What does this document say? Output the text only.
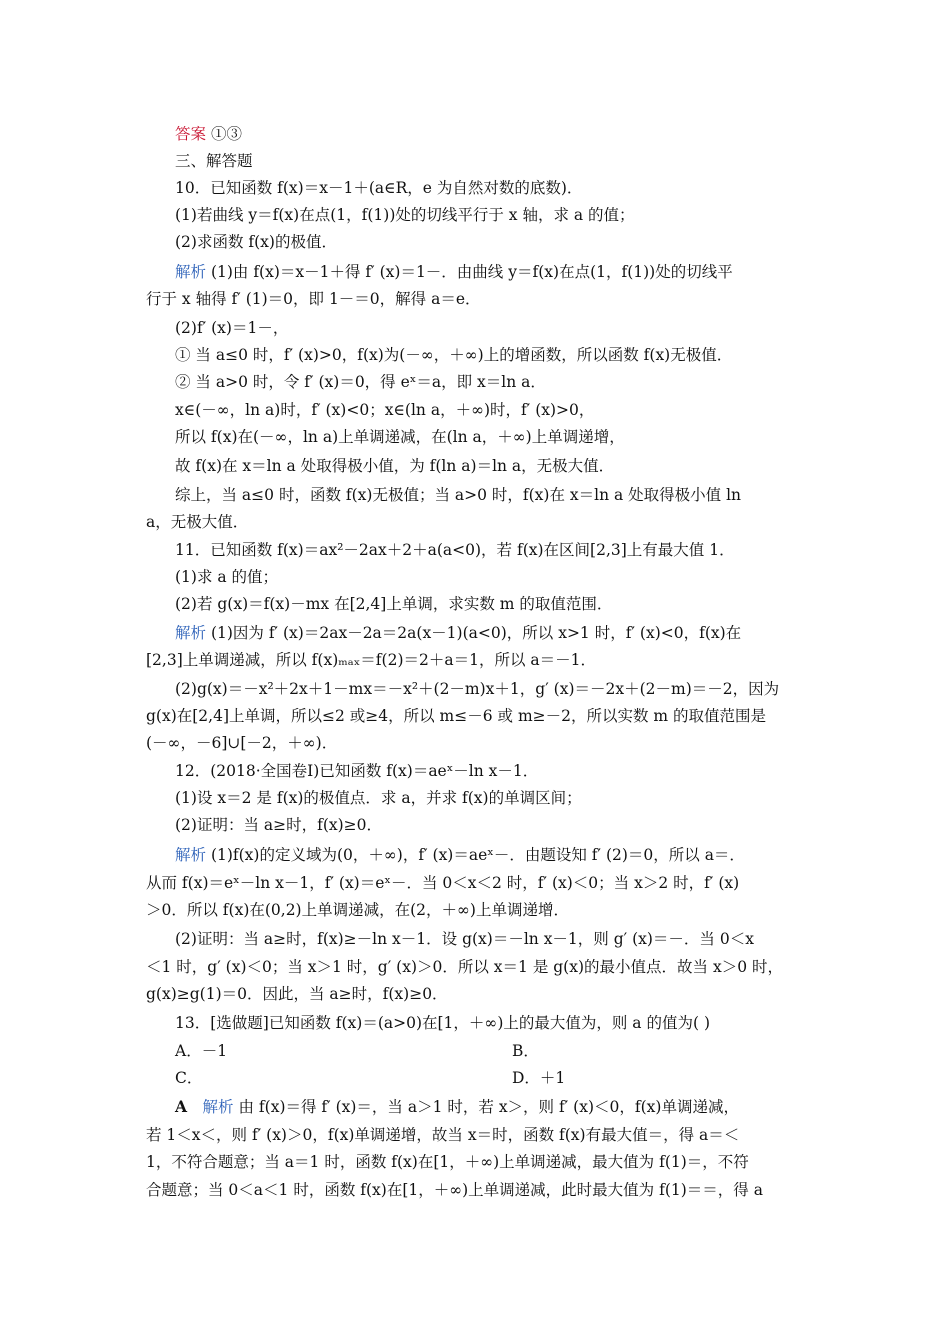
答案 ①③
三、解答题
10．已知函数 f(x)＝x－1＋(a∈R，e 为自然对数的底数)．
(1)若曲线 y＝f(x)在点(1，f(1))处的切线平行于 x 轴，求 a 的值；
(2)求函数 f(x)的极值．
解析 (1)由 f(x)＝x－1＋得 f′ (x)＝1－．由曲线 y＝f(x)在点(1，f(1))处的切线平
行于 x 轴得 f′ (1)＝0，即 1－＝0，解得 a＝e．
(2)f′ (x)＝1－，
① 当 a≤0 时，f′ (x)>0，f(x)为(－∞，＋∞)上的增函数，所以函数 f(x)无极值．
② 当 a>0 时，令 f′ (x)＝0，得 eˣ＝a，即 x＝ln a．
x∈(－∞，ln a)时，f′ (x)<0；x∈(ln a，＋∞)时，f′ (x)>0，
所以 f(x)在(－∞，ln a)上单调递减，在(ln a，＋∞)上单调递增，
故 f(x)在 x＝ln a 处取得极小值，为 f(ln a)＝ln a，无极大值．
综上，当 a≤0 时，函数 f(x)无极值；当 a>0 时，f(x)在 x＝ln a 处取得极小值 ln
a，无极大值．
11．已知函数 f(x)＝ax²－2ax＋2＋a(a<0)，若 f(x)在区间[2,3]上有最大值 1．
(1)求 a 的值；
(2)若 g(x)＝f(x)－mx 在[2,4]上单调，求实数 m 的取值范围．
解析 (1)因为 f′ (x)＝2ax－2a＝2a(x－1)(a<0)，所以 x>1 时，f′ (x)<0，f(x)在
[2,3]上单调递减，所以 f(x)ₘₐₓ＝f(2)＝2＋a＝1，所以 a＝－1．
(2)g(x)＝－x²＋2x＋1－mx＝－x²＋(2－m)x＋1，g′ (x)＝－2x＋(2－m)＝－2，因为
g(x)在[2,4]上单调，所以≤2 或≥4，所以 m≤－6 或 m≥－2，所以实数 m 的取值范围是
(－∞，－6]∪[－2，＋∞)．
12．(2018·全国卷Ⅰ)已知函数 f(x)＝aeˣ－ln x－1．
(1)设 x＝2 是 f(x)的极值点．求 a，并求 f(x)的单调区间；
(2)证明：当 a≥时，f(x)≥0．
解析 (1)f(x)的定义域为(0，＋∞)，f′ (x)＝aeˣ－．由题设知 f′ (2)＝0，所以 a＝．
从而 f(x)＝eˣ－ln x－1，f′ (x)＝eˣ－．当 0＜x＜2 时，f′ (x)＜0；当 x＞2 时，f′ (x)
＞0．所以 f(x)在(0,2)上单调递减，在(2，＋∞)上单调递增．
(2)证明：当 a≥时，f(x)≥－ln x－1．设 g(x)＝－ln x－1，则 g′ (x)＝－．当 0＜x
＜1 时，g′ (x)＜0；当 x＞1 时，g′ (x)＞0．所以 x＝1 是 g(x)的最小值点．故当 x＞0 时，
g(x)≥g(1)＝0．因此，当 a≥时，f(x)≥0．
13．[选做题]已知函数 f(x)＝(a>0)在[1，＋∞)上的最大值为，则 a 的值为( )
A．－1	B．
C．	D．＋1
A　 解析 由 f(x)＝得 f′ (x)＝，当 a＞1 时，若 x＞，则 f′ (x)＜0，f(x)单调递减，
若 1＜x＜，则 f′ (x)＞0，f(x)单调递增，故当 x＝时，函数 f(x)有最大值＝，得 a＝＜
1，不符合题意；当 a＝1 时，函数 f(x)在[1，＋∞)上单调递减，最大值为 f(1)＝，不符
合题意；当 0＜a＜1 时，函数 f(x)在[1，＋∞)上单调递减，此时最大值为 f(1)＝＝，得 a
